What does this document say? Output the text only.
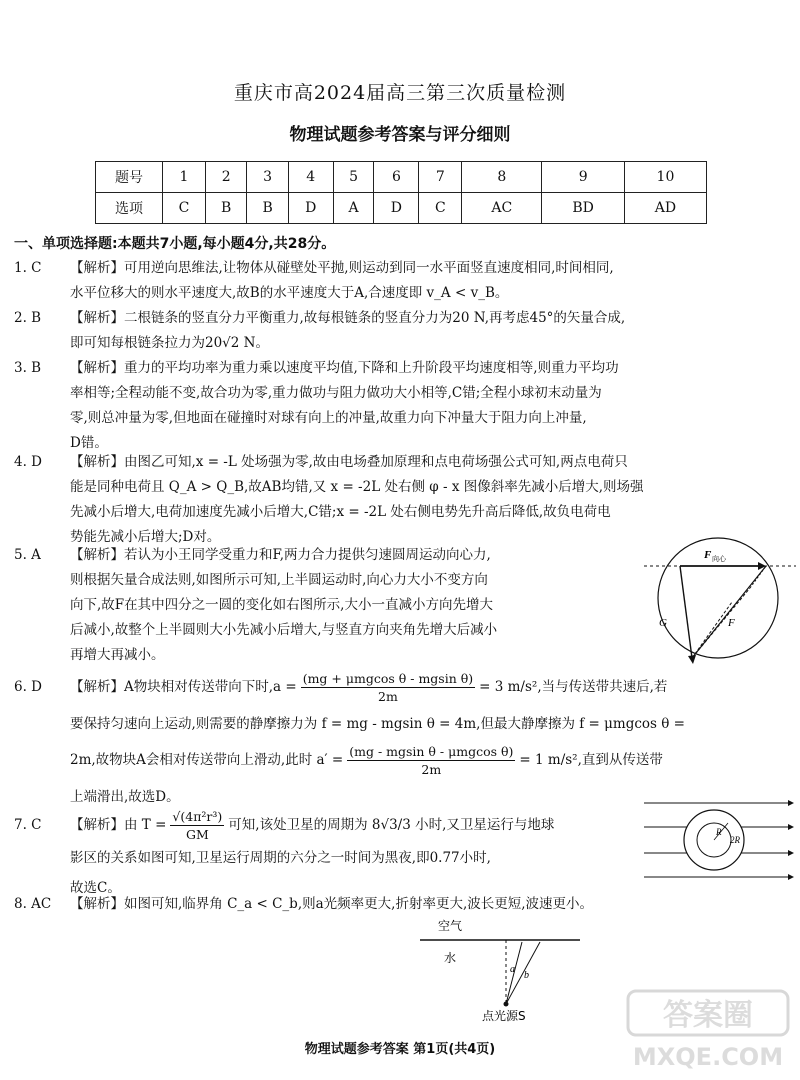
重庆市高2024届高三第三次质量检测
物理试题参考答案与评分细则
题号	1	2	3	4	5	6	7	8	9	10
选项	C	B	B	D	A	D	C	AC	BD	AD
一、单项选择题:本题共7小题,每小题4分,共28分。
1. C 【解析】可用逆向思维法,让物体从碰壁处平抛,则运动到同一水平面竖直速度相同,时间相同,
水平位移大的则水平速度大,故B的水平速度大于A,合速度即 v_A < v_B。
2. B 【解析】二根链条的竖直分力平衡重力,故每根链条的竖直分力为20 N,再考虑45°的矢量合成,
即可知每根链条拉力为20√2 N。
3. B 【解析】重力的平均功率为重力乘以速度平均值,下降和上升阶段平均速度相等,则重力平均功
率相等;全程动能不变,故合功为零,重力做功与阻力做功大小相等,C错;全程小球初末动量为
零,则总冲量为零,但地面在碰撞时对球有向上的冲量,故重力向下冲量大于阻力向上冲量,
D错。
4. D 【解析】由图乙可知,x = -L 处场强为零,故由电场叠加原理和点电荷场强公式可知,两点电荷只
能是同种电荷且 Q_A > Q_B,故AB均错,又 x = -2L 处右侧 φ - x 图像斜率先减小后增大,则场强
先减小后增大,电荷加速度先减小后增大,C错;x = -2L 处右侧电势先升高后降低,故负电荷电
势能先减小后增大;D对。
5. A 【解析】若认为小王同学受重力和F,两力合力提供匀速圆周运动向心力,
则根据矢量合成法则,如图所示可知,上半圆运动时,向心力大小不变方向
向下,故F在其中四分之一圆的变化如右图所示,大小一直减小方向先增大
后减小,故整个上半圆则大小先减小后增大,与竖直方向夹角先增大后减小
再增大再减小。
F 向心
G	F
6. D 【解析】A物块相对传送带向下时$,a = \frac{\text{(mg + μmgcos θ - mgsin θ)}}{2m} = 3$ m/s²,当与传送带共速后,若
要保持匀速向上运动,则需要的静摩擦力为 f = mg - mgsin θ = 4m,但最大静摩擦为 f = μmgcos θ =
2m,故物块A会相对传送带向上滑动,此时 $a' = \frac{\text{(mg - mgsin θ - μmgcos θ)}}{2m} = 1$ m/s²,直到从传送带
上端滑出,故选D。
7. C 【解析】由 $T = \frac{\text{√(4π²r³)}}{GM}$ 可知,该处卫星的周期为 8√3/3 小时,又卫星运行与地球
影区的关系如图可知,卫星运行周期的六分之一时间为黑夜,即0.77小时,
故选C。
R
2R
8. AC 【解析】如图可知,临界角 C_a < C_b,则a光频率更大,折射率更大,波长更短,波速更小。
空气
水
a
b
点光源S
物理试题参考答案 第1页(共4页)
答案圈
MXQE.COM
